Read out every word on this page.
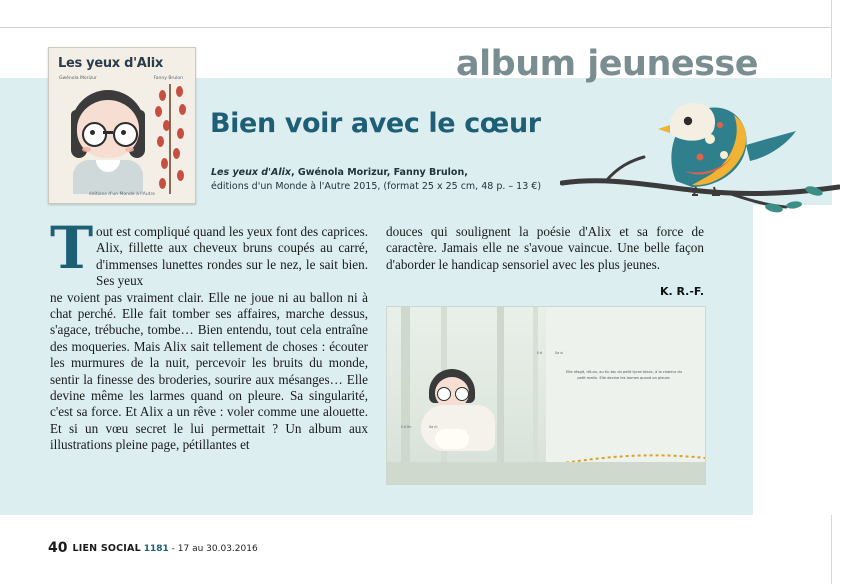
album jeunesse
Les yeux d'Alix
Gwénola Morizur	Fanny Brulon
éditions d'un Monde à l'Autre
Bien voir avec le cœur
Les yeux d'Alix, Gwénola Morizur, Fanny Brulon,
éditions d'un Monde à l'Autre 2015, (format 25 x 25 cm, 48 p. – 13 €)
T out est compliqué quand les yeux font des caprices. Alix, fillette aux cheveux bruns coupés au carré, d'immenses lunettes rondes sur le nez, le sait bien. Ses yeux
ne voient pas vraiment clair. Elle ne joue ni au ballon ni à chat perché. Elle fait tomber ses affaires, marche dessus, s'agace, trébuche, tombe… Bien entendu, tout cela entraîne des moqueries. Mais Alix sait tellement de choses : écouter les murmures de la nuit, percevoir les bruits du monde, sentir la finesse des broderies, sourire aux mésanges… Elle devine même les larmes quand on pleure. Sa singularité, c'est sa force. Et Alix a un rêve : voler comme une alouette. Et si un vœu secret le lui permettait ? Un album aux illustrations pleine page, pétillantes et
douces qui soulignent la poésie d'Alix et sa force de caractère. Jamais elle ne s'avoue vaincue. Une belle façon d'aborder le handicap sensoriel avec les plus jeunes.
K. R.-F.
Elle réagit, dit-on, au tic-tac du petit tyran blanc, à la chaleur du petit matin. Elle devine les larmes quand on pleure.
Il é	Sa si
Il à fin	Sa ni
40 LIEN SOCIAL 1181 - 17 au 30.03.2016
